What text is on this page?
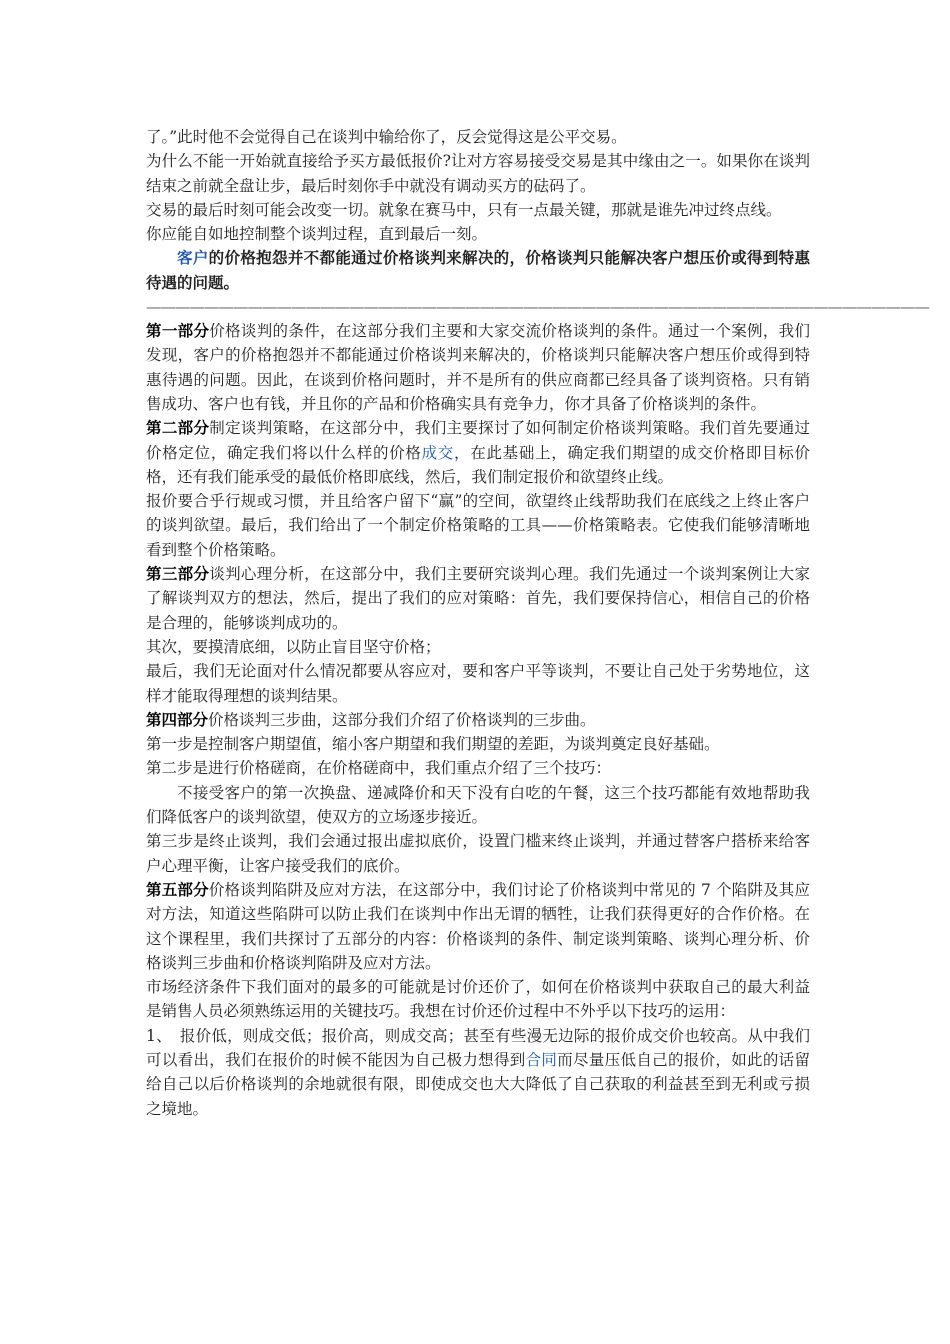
了。”此时他不会觉得自己在谈判中输给你了，反会觉得这是公平交易。

为什么不能一开始就直接给予买方最低报价?让对方容易接受交易是其中缘由之一。如果你在谈判结束之前就全盘让步，最后时刻你手中就没有调动买方的砝码了。

交易的最后时刻可能会改变一切。就象在赛马中，只有一点最关键，那就是谁先冲过终点线。

你应能自如地控制整个谈判过程，直到最后一刻。

客户的价格抱怨并不都能通过价格谈判来解决的，价格谈判只能解决客户想压价或得到特惠待遇的问题。

——————————————————————————————————————————————————————

第一部分价格谈判的条件，在这部分我们主要和大家交流价格谈判的条件。通过一个案例，我们发现，客户的价格抱怨并不都能通过价格谈判来解决的，价格谈判只能解决客户想压价或得到特惠待遇的问题。因此，在谈到价格问题时，并不是所有的供应商都已经具备了谈判资格。只有销售成功、客户也有钱，并且你的产品和价格确实具有竞争力，你才具备了价格谈判的条件。

第二部分制定谈判策略，在这部分中，我们主要探讨了如何制定价格谈判策略。我们首先要通过价格定位，确定我们将以什么样的价格成交，在此基础上，确定我们期望的成交价格即目标价格，还有我们能承受的最低价格即底线，然后，我们制定报价和欲望终止线。

报价要合乎行规或习惯，并且给客户留下“赢”的空间，欲望终止线帮助我们在底线之上终止客户的谈判欲望。最后，我们给出了一个制定价格策略的工具——价格策略表。它使我们能够清晰地看到整个价格策略。

第三部分谈判心理分析，在这部分中，我们主要研究谈判心理。我们先通过一个谈判案例让大家了解谈判双方的想法，然后，提出了我们的应对策略：首先，我们要保持信心，相信自己的价格是合理的，能够谈判成功的。

其次，要摸清底细，以防止盲目坚守价格；

最后，我们无论面对什么情况都要从容应对，要和客户平等谈判，不要让自己处于劣势地位，这样才能取得理想的谈判结果。

第四部分价格谈判三步曲，这部分我们介绍了价格谈判的三步曲。

第一步是控制客户期望值，缩小客户期望和我们期望的差距，为谈判奠定良好基础。

第二步是进行价格磋商，在价格磋商中，我们重点介绍了三个技巧：

不接受客户的第一次换盘、递减降价和天下没有白吃的午餐，这三个技巧都能有效地帮助我们降低客户的谈判欲望，使双方的立场逐步接近。

第三步是终止谈判，我们会通过报出虚拟底价，设置门槛来终止谈判，并通过替客户搭桥来给客户心理平衡，让客户接受我们的底价。

第五部分价格谈判陷阱及应对方法，在这部分中，我们讨论了价格谈判中常见的 7 个陷阱及其应对方法，知道这些陷阱可以防止我们在谈判中作出无谓的牺牲，让我们获得更好的合作价格。在这个课程里，我们共探讨了五部分的内容：价格谈判的条件、制定谈判策略、谈判心理分析、价格谈判三步曲和价格谈判陷阱及应对方法。

市场经济条件下我们面对的最多的可能就是讨价还价了，如何在价格谈判中获取自己的最大利益是销售人员必须熟练运用的关键技巧。我想在讨价还价过程中不外乎以下技巧的运用：

1、　报价低，则成交低；报价高，则成交高；甚至有些漫无边际的报价成交价也较高。从中我们可以看出，我们在报价的时候不能因为自己极力想得到合同而尽量压低自己的报价，如此的话留给自己以后价格谈判的余地就很有限，即使成交也大大降低了自己获取的利益甚至到无利或亏损之境地。
